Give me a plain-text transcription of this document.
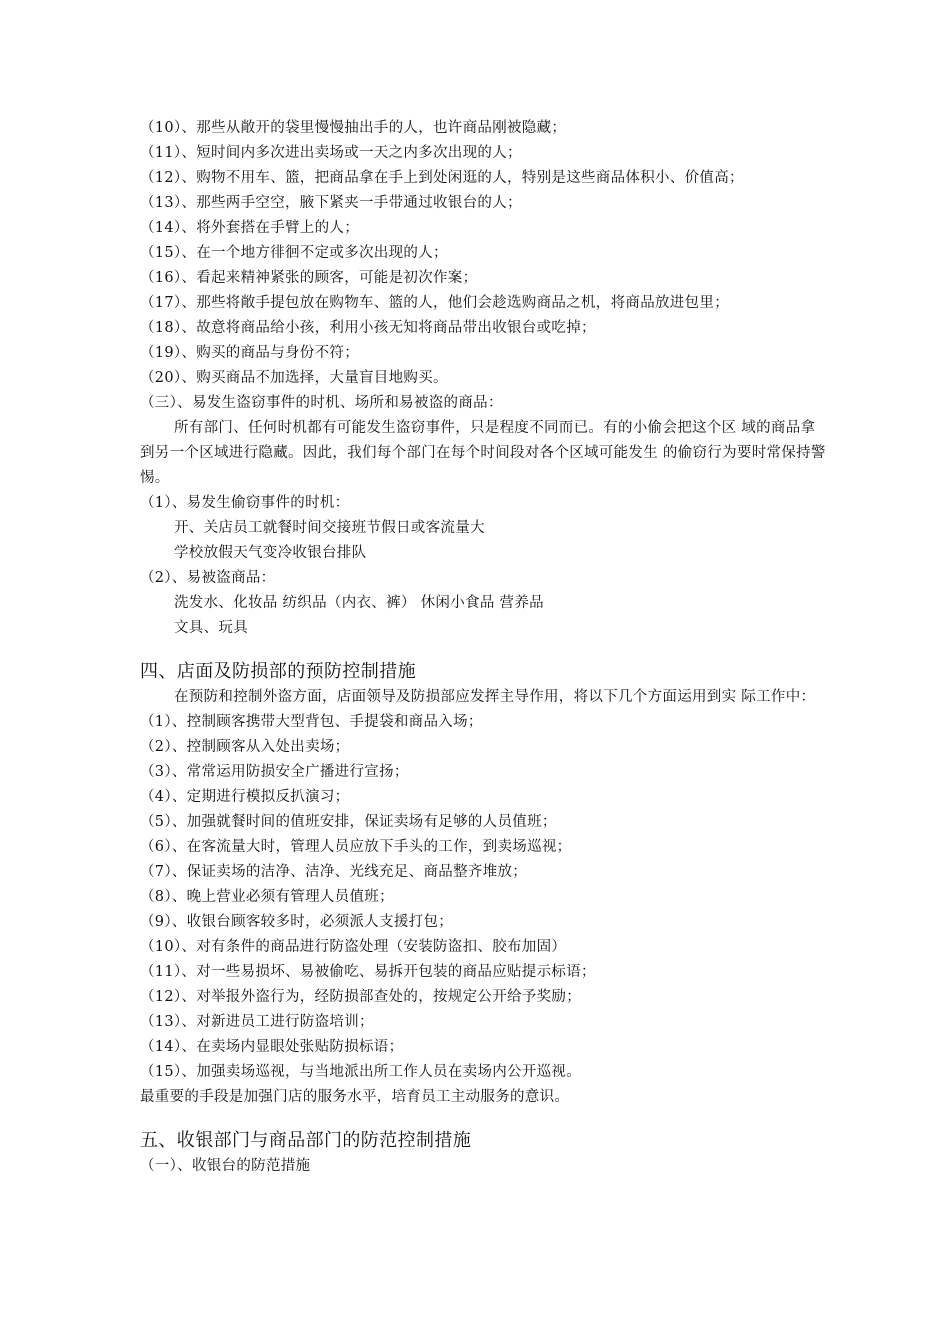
（10）、那些从敞开的袋里慢慢抽出手的人，也许商品刚被隐藏；
（11）、短时间内多次进出卖场或一天之内多次出现的人；
（12）、购物不用车、篮，把商品拿在手上到处闲逛的人，特别是这些商品体积小、价值高；
（13）、那些两手空空，腋下紧夹一手带通过收银台的人；
（14）、将外套搭在手臂上的人；
（15）、在一个地方徘徊不定或多次出现的人；
（16）、看起来精神紧张的顾客，可能是初次作案；
（17）、那些将敞手提包放在购物车、篮的人，他们会趁选购商品之机，将商品放进包里；
（18）、故意将商品给小孩，利用小孩无知将商品带出收银台或吃掉；
（19）、购买的商品与身份不符；
（20）、购买商品不加选择，大量盲目地购买。
（三）、易发生盗窃事件的时机、场所和易被盗的商品：

所有部门、任何时机都有可能发生盗窃事件，只是程度不同而已。有的小偷会把这个区 域的商品拿到另一个区域进行隐藏。因此，我们每个部门在每个时间段对各个区域可能发生 的偷窃行为要时常保持警惕。

（1）、易发生偷窃事件的时机：
开、关店员工就餐时间交接班节假日或客流量大
学校放假天气变冷收银台排队
（2）、易被盗商品：
洗发水、化妆品 纺织品（内衣、裤） 休闲小食品 营养品
文具、玩具
四、店面及防损部的预防控制措施

在预防和控制外盗方面，店面领导及防损部应发挥主导作用，将以下几个方面运用到实 际工作中：

（1）、控制顾客携带大型背包、手提袋和商品入场；
（2）、控制顾客从入处出卖场；
（3）、常常运用防损安全广播进行宣扬；
（4）、定期进行模拟反扒演习；
（5）、加强就餐时间的值班安排，保证卖场有足够的人员值班；
（6）、在客流量大时，管理人员应放下手头的工作，到卖场巡视；
（7）、保证卖场的洁净、洁净、光线充足、商品整齐堆放；
（8）、晚上营业必须有管理人员值班；
（9）、收银台顾客较多时，必须派人支援打包；
（10）、对有条件的商品进行防盗处理（安装防盗扣、胶布加固）
（11）、对一些易损坏、易被偷吃、易拆开包装的商品应贴提示标语；
（12）、对举报外盗行为，经防损部查处的，按规定公开给予奖励；
（13）、对新进员工进行防盗培训；
（14）、在卖场内显眼处张贴防损标语；
（15）、加强卖场巡视，与当地派出所工作人员在卖场内公开巡视。
最重要的手段是加强门店的服务水平，培育员工主动服务的意识。
五、收银部门与商品部门的防范控制措施
（一）、收银台的防范措施
